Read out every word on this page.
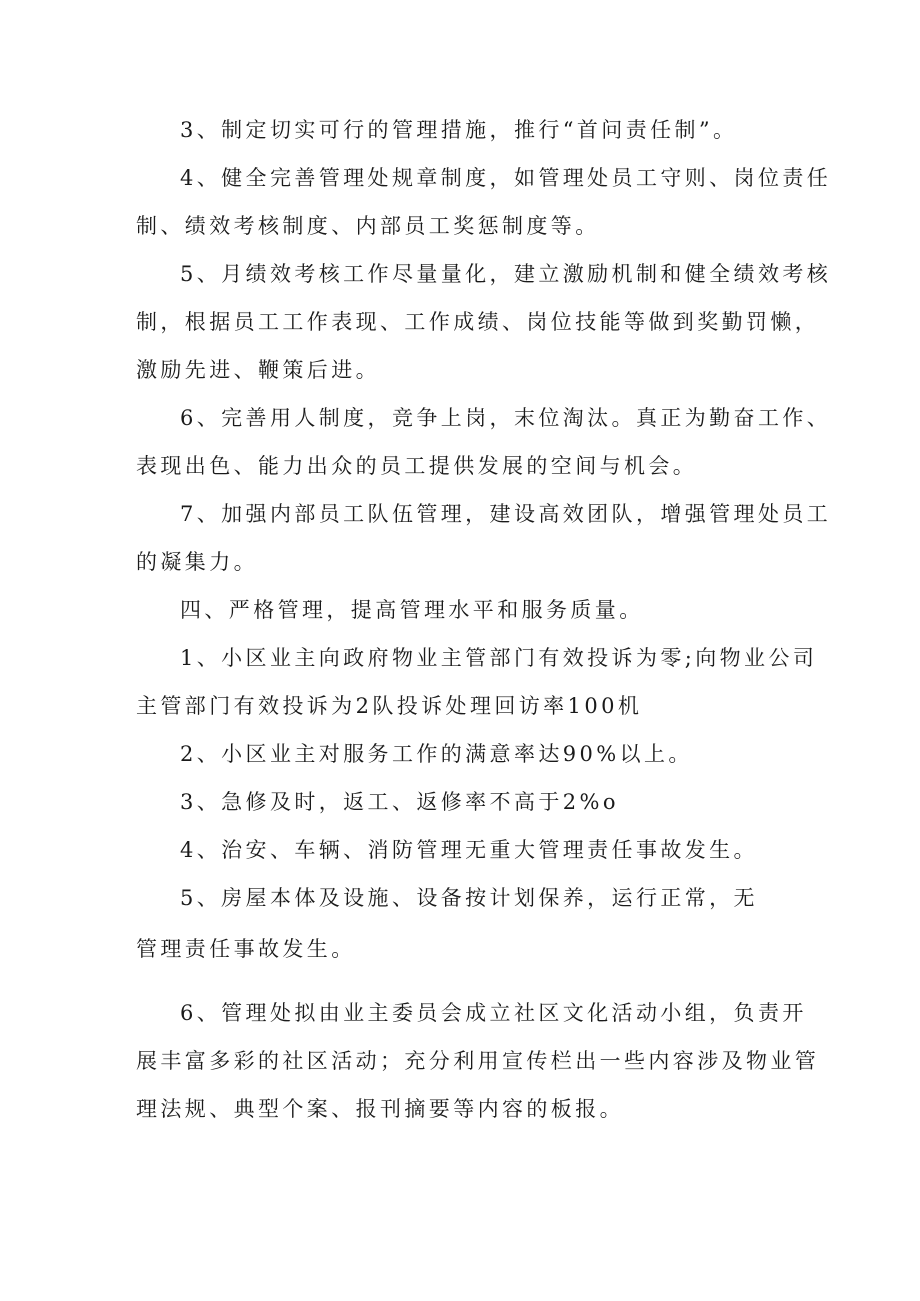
3、制定切实可行的管理措施，推行“首问责任制”。
4、健全完善管理处规章制度，如管理处员工守则、岗位责任
制、绩效考核制度、内部员工奖惩制度等。
5、月绩效考核工作尽量量化，建立激励机制和健全绩效考核
制，根据员工工作表现、工作成绩、岗位技能等做到奖勤罚懒，
激励先进、鞭策后进。
6、完善用人制度，竞争上岗，末位淘汰。真正为勤奋工作、
表现出色、能力出众的员工提供发展的空间与机会。
7、加强内部员工队伍管理，建设高效团队，增强管理处员工
的凝集力。
四、严格管理，提高管理水平和服务质量。
1、小区业主向政府物业主管部门有效投诉为零;向物业公司
主管部门有效投诉为2队投诉处理回访率100机
2、小区业主对服务工作的满意率达90%以上。
3、急修及时，返工、返修率不高于2%o
4、治安、车辆、消防管理无重大管理责任事故发生。
5、房屋本体及设施、设备按计划保养，运行正常，无
管理责任事故发生。
6、管理处拟由业主委员会成立社区文化活动小组，负责开
展丰富多彩的社区活动；充分利用宣传栏出一些内容涉及物业管
理法规、典型个案、报刊摘要等内容的板报。
